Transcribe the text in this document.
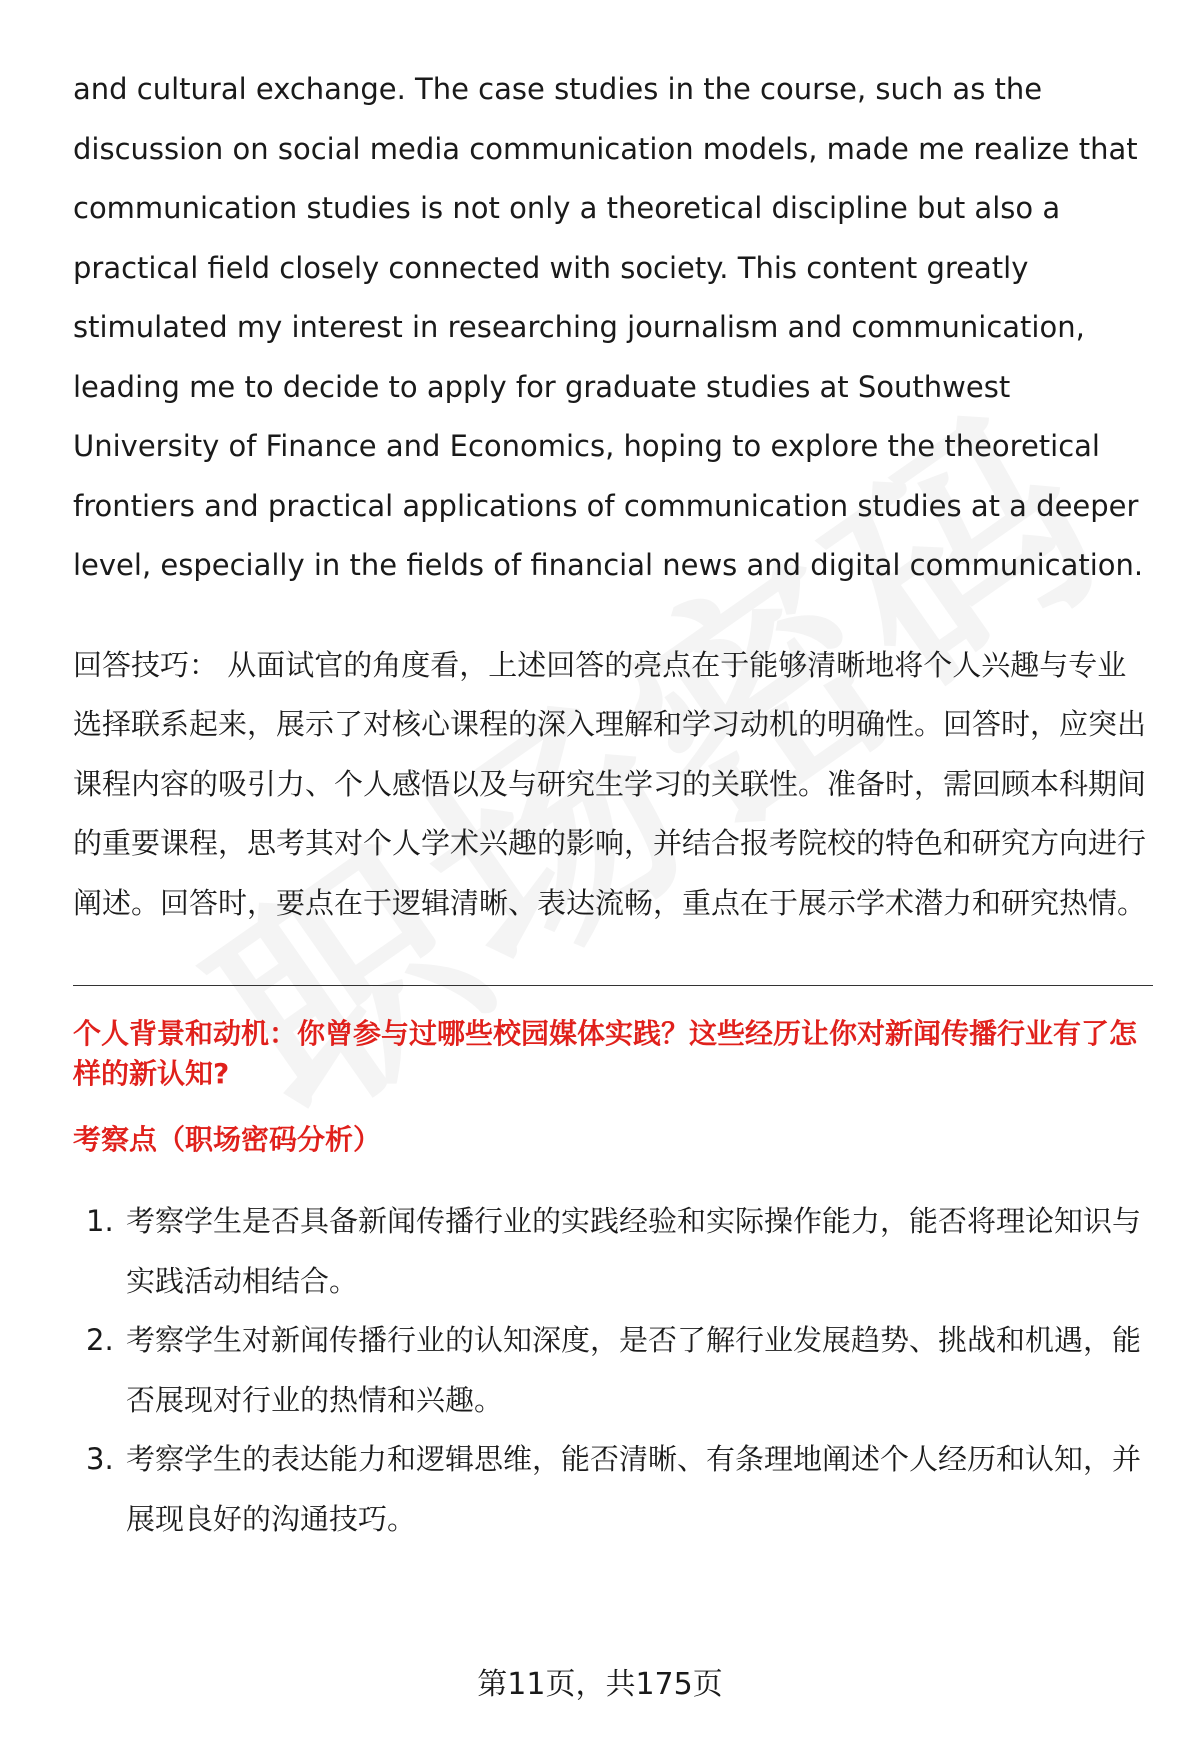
and cultural exchange. The case studies in the course, such as the discussion on social media communication models, made me realize that communication studies is not only a theoretical discipline but also a practical field closely connected with society. This content greatly stimulated my interest in researching journalism and communication, leading me to decide to apply for graduate studies at Southwest University of Finance and Economics, hoping to explore the theoretical frontiers and practical applications of communication studies at a deeper level, especially in the fields of financial news and digital communication.

回答技巧： 从面试官的角度看，上述回答的亮点在于能够清晰地将个人兴趣与专业选择联系起来，展示了对核心课程的深入理解和学习动机的明确性。回答时，应突出课程内容的吸引力、个人感悟以及与研究生学习的关联性。准备时，需回顾本科期间的重要课程，思考其对个人学术兴趣的影响，并结合报考院校的特色和研究方向进行阐述。回答时，要点在于逻辑清晰、表达流畅，重点在于展示学术潜力和研究热情。

个人背景和动机：你曾参与过哪些校园媒体实践？这些经历让你对新闻传播行业有了怎样的新认知?
考察点（职场密码分析）
1. 考察学生是否具备新闻传播行业的实践经验和实际操作能力，能否将理论知识与实践活动相结合。
2. 考察学生对新闻传播行业的认知深度，是否了解行业发展趋势、挑战和机遇，能否展现对行业的热情和兴趣。
3. 考察学生的表达能力和逻辑思维，能否清晰、有条理地阐述个人经历和认知，并展现良好的沟通技巧。
第11页，共175页
